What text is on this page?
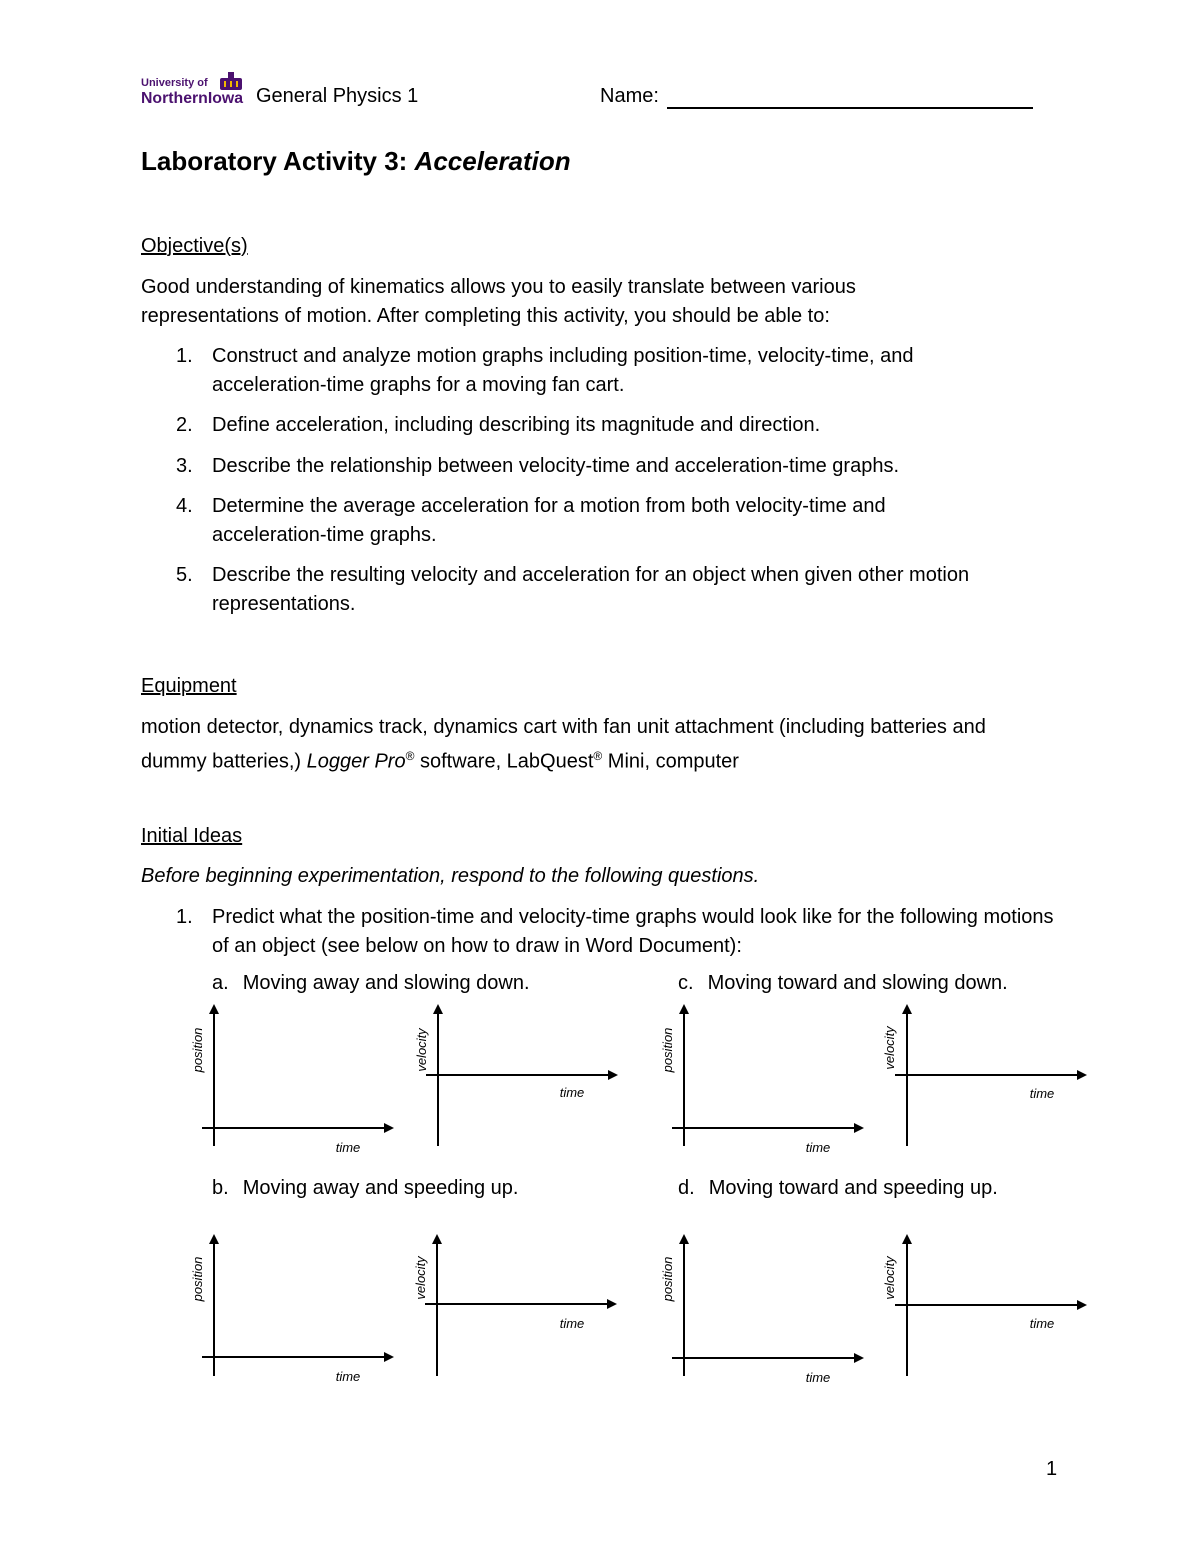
University of
NorthernIowa General Physics 1	Name:
Laboratory Activity 3: Acceleration
Objective(s)
Good understanding of kinematics allows you to easily translate between various representations of motion. After completing this activity, you should be able to:
1. Construct and analyze motion graphs including position-time, velocity-time, and acceleration-time graphs for a moving fan cart.
2. Define acceleration, including describing its magnitude and direction.
3. Describe the relationship between velocity-time and acceleration-time graphs.
4. Determine the average acceleration for a motion from both velocity-time and acceleration-time graphs.
5. Describe the resulting velocity and acceleration for an object when given other motion representations.
Equipment
motion detector, dynamics track, dynamics cart with fan unit attachment (including batteries and dummy batteries,) Logger Pro® software, LabQuest® Mini, computer
Initial Ideas
Before beginning experimentation, respond to the following questions.
1. Predict what the position-time and velocity-time graphs would look like for the following motions of an object (see below on how to draw in Word Document):
a. Moving away and slowing down.	c. Moving toward and slowing down.
b. Moving away and speeding up.	d. Moving toward and speeding up.
position
time
velocity
time
position
time
velocity
time
position
time
velocity
time
position
time
velocity
time
1
